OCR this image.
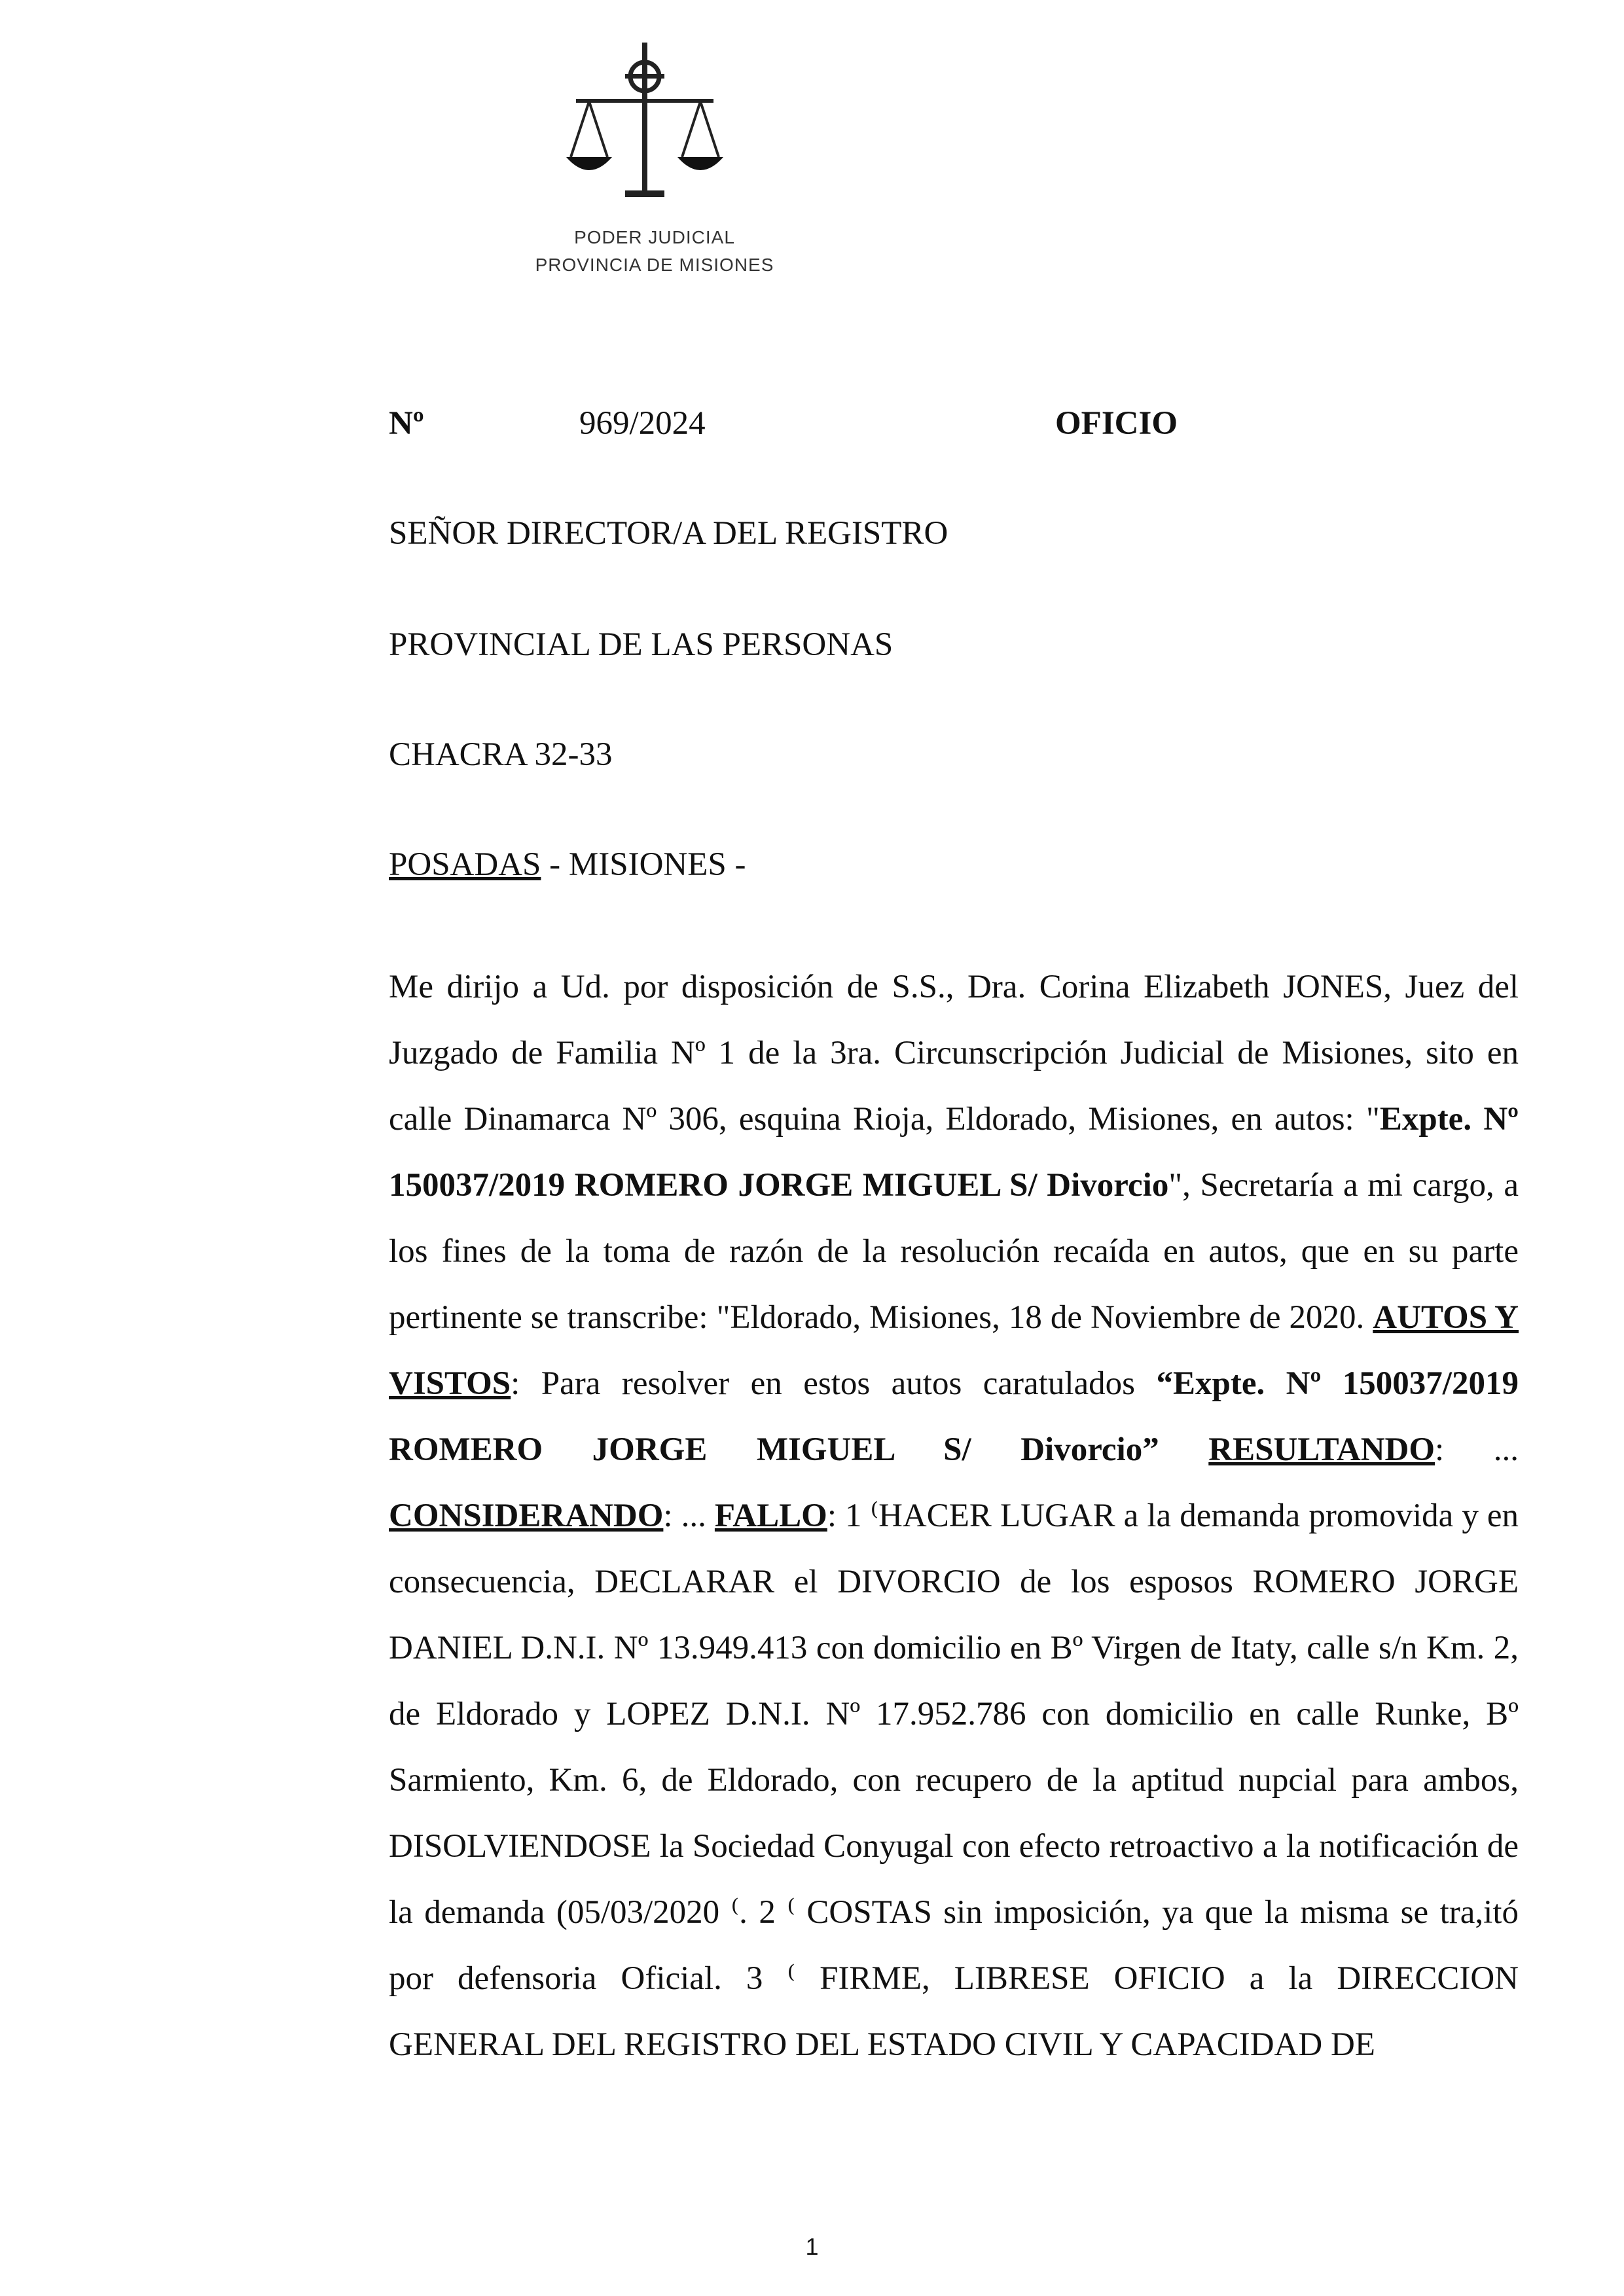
PODER JUDICIAL
PROVINCIA DE MISIONES
Nº	969/2024	OFICIO
SEÑOR DIRECTOR/A DEL REGISTRO
PROVINCIAL DE LAS PERSONAS
CHACRA 32-33
POSADAS - MISIONES -
Me dirijo a Ud. por disposición de S.S., Dra. Corina Elizabeth JONES, Juez del Juzgado de Familia Nº 1 de la 3ra. Circunscripción Judicial de Misiones, sito en calle Dinamarca Nº 306, esquina Rioja, Eldorado, Misiones, en autos: "Expte. Nº 150037/2019 ROMERO JORGE MIGUEL S/ Divorcio", Secretaría a mi cargo, a los fines de la toma de razón de la resolución recaída en autos, que en su parte pertinente se transcribe: "Eldorado, Misiones, 18 de Noviembre de 2020. AUTOS Y VISTOS: Para resolver en estos autos caratulados “Expte. Nº 150037/2019 ROMERO JORGE MIGUEL S/ Divorcio” RESULTANDO: ... CONSIDERANDO: ... FALLO: 1 ⁽HACER LUGAR a la demanda promovida y en consecuencia, DECLARAR el DIVORCIO de los esposos ROMERO JORGE DANIEL D.N.I. Nº 13.949.413 con domicilio en Bº Virgen de Itaty, calle s/n Km. 2, de Eldorado y LOPEZ D.N.I. Nº 17.952.786 con domicilio en calle Runke, Bº Sarmiento, Km. 6, de Eldorado, con recupero de la aptitud nupcial para ambos, DISOLVIENDOSE la Sociedad Conyugal con efecto retroactivo a la notificación de la demanda (05/03/2020 ⁽. 2 ⁽ COSTAS sin imposición, ya que la misma se tra,itó por defensoria Oficial. 3 ⁽ FIRME, LIBRESE OFICIO a la DIRECCION GENERAL DEL REGISTRO DEL ESTADO CIVIL Y CAPACIDAD DE
1
